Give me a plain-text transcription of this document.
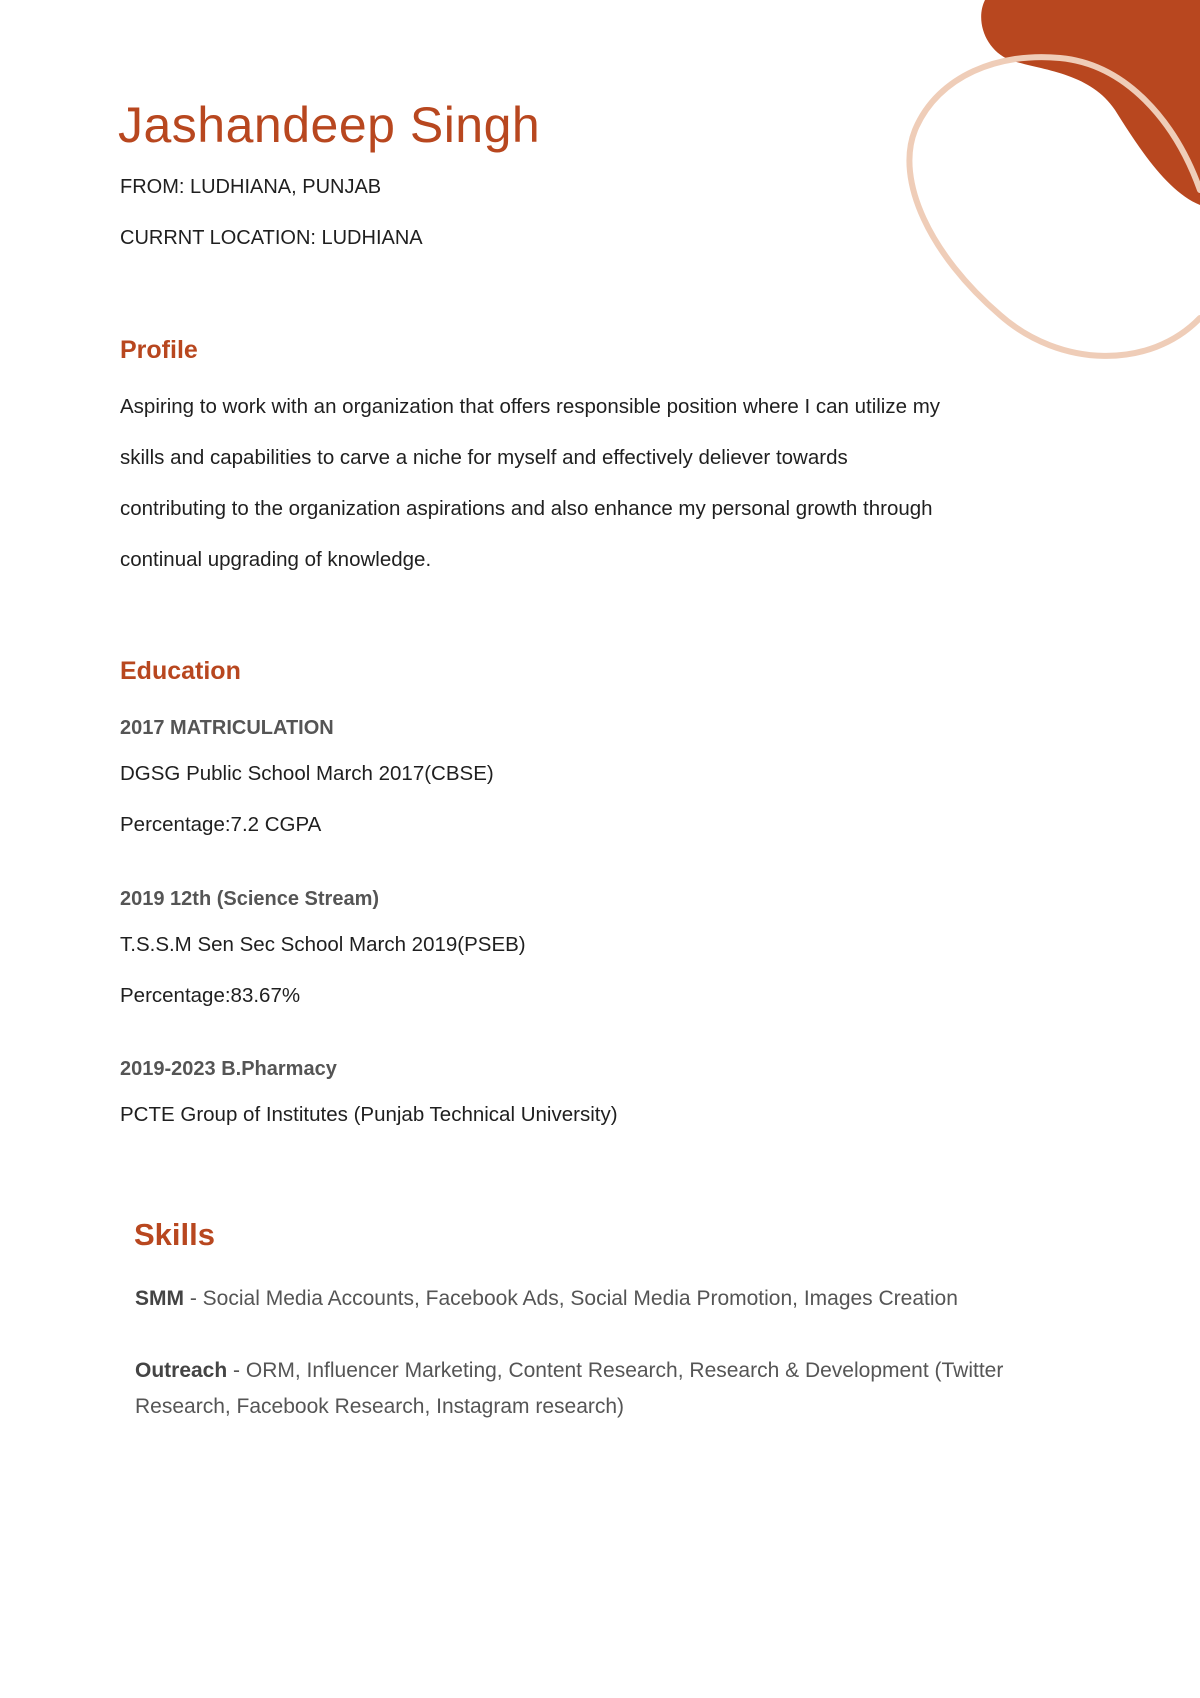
Jashandeep Singh

FROM: LUDHIANA, PUNJAB

CURRNT LOCATION: LUDHIANA

Profile
Aspiring to work with an organization that offers responsible position where I can utilize my
skills and capabilities to carve a niche for myself and effectively deliever towards
contributing to the organization aspirations and also enhance my personal growth through
continual upgrading of knowledge.
Education

2017 MATRICULATION

DGSG Public School March 2017(CBSE)

Percentage:7.2 CGPA

2019 12th (Science Stream)

T.S.S.M Sen Sec School March 2019(PSEB)

Percentage:83.67%

2019-2023 B.Pharmacy

PCTE Group of Institutes (Punjab Technical University)

Skills

SMM - Social Media Accounts, Facebook Ads, Social Media Promotion, Images Creation

Outreach - ORM, Influencer Marketing, Content Research, Research & Development (Twitter Research, Facebook Research, Instagram research)
